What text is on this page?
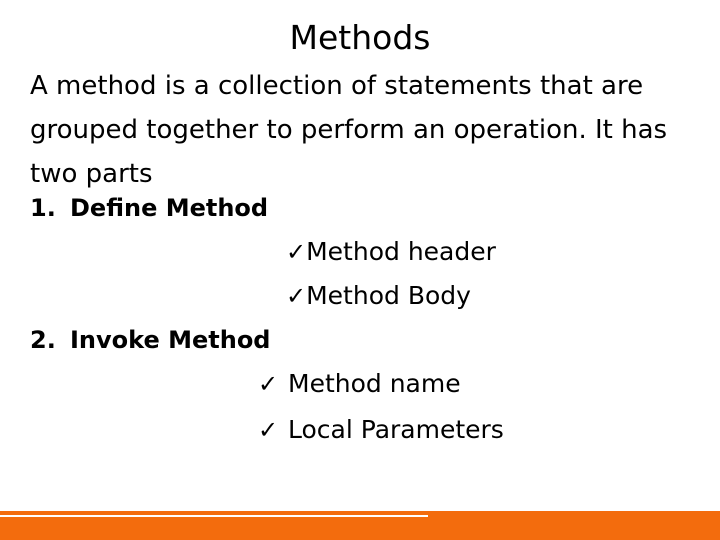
Methods
A method is a collection of statements that are
grouped together to perform an operation. It has
two parts
1. Define Method
✓Method header
✓Method Body
2. Invoke Method
✓ Method name
✓ Local Parameters
